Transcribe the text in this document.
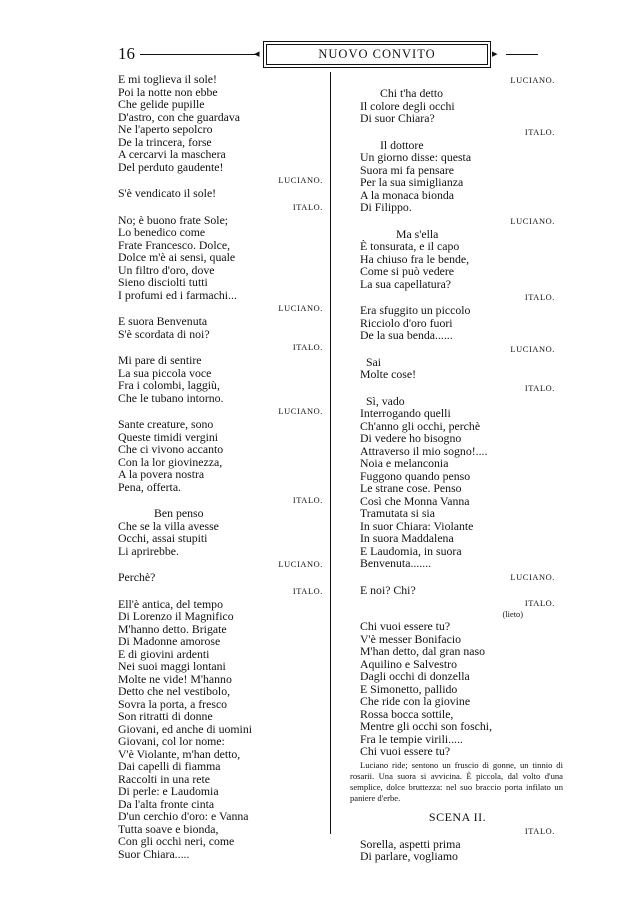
16	◂	NUOVO CONVITO	▸
E mi toglieva il sole!
Poi la notte non ebbe
Che gelide pupille
D'astro, con che guardava
Ne l'aperto sepolcro
De la trincera, forse
A cercarvi la maschera
Del perduto gaudente!
LUCIANO.
S'è vendicato il sole!
ITALO.
No; è buono frate Sole;
Lo benedico come
Frate Francesco. Dolce,
Dolce m'è ai sensi, quale
Un filtro d'oro, dove
Sieno disciolti tutti
I profumi ed i farmachi...
LUCIANO.
E suora Benvenuta
S'è scordata di noi?
ITALO.
Mi pare di sentire
La sua piccola voce
Fra i colombi, laggiù,
Che le tubano intorno.
LUCIANO.
Sante creature, sono
Queste timidi vergini
Che ci vivono accanto
Con la lor giovinezza,
A la povera nostra
Pena, offerta.
ITALO.
Ben penso
Che se la villa avesse
Occhi, assai stupiti
Li aprirebbe.
LUCIANO.
Perchè?
ITALO.
Ell'è antica, del tempo
Di Lorenzo il Magnifico
M'hanno detto. Brigate
Di Madonne amorose
E di giovini ardenti
Nei suoi maggi lontani
Molte ne vide! M'hanno
Detto che nel vestibolo,
Sovra la porta, a fresco
Son ritratti di donne
Giovani, ed anche di uomini
Giovani, col lor nome:
V'è Violante, m'han detto,
Dai capelli di fiamma
Raccolti in una rete
Di perle: e Laudomia
Da l'alta fronte cinta
D'un cerchio d'oro: e Vanna
Tutta soave e bionda,
Con gli occhi neri, come
Suor Chiara.....
LUCIANO.
Chi t'ha detto
Il colore degli occhi
Di suor Chiara?
ITALO.
Il dottore
Un giorno disse: questa
Suora mi fa pensare
Per la sua simiglianza
A la monaca bionda
Di Filippo.
LUCIANO.
Ma s'ella
È tonsurata, e il capo
Ha chiuso fra le bende,
Come si può vedere
La sua capellatura?
ITALO.
Era sfuggito un piccolo
Ricciolo d'oro fuori
De la sua benda......
LUCIANO.
Sai
Molte cose!
ITALO.
Sì, vado
Interrogando quelli
Ch'anno gli occhi, perchè
Di vedere ho bisogno
Attraverso il mio sogno!....
Noia e melanconia
Fuggono quando penso
Le strane cose. Penso
Così che Monna Vanna
Tramutata si sia
In suor Chiara: Violante
In suora Maddalena
E Laudomia, in suora
Benvenuta.......
LUCIANO.
E noi? Chi?
ITALO.
(lieto)
Chi vuoi essere tu?
V'è messer Bonifacio
M'han detto, dal gran naso
Aquilino e Salvestro
Dagli occhi di donzella
E Simonetto, pallido
Che ride con la giovine
Rossa bocca sottile,
Mentre gli occhi son foschi,
Fra le tempie virili.....
Chi vuoi essere tu?
Luciano ride; sentono un fruscio di gonne, un tinnio di rosarii. Una suora si avvicina. È piccola, dal volto d'una semplice, dolce bruttezza: nel suo braccio porta infilato un paniere d'erbe.
SCENA II.
ITALO.
Sorella, aspetti prima
Di parlare, vogliamo
